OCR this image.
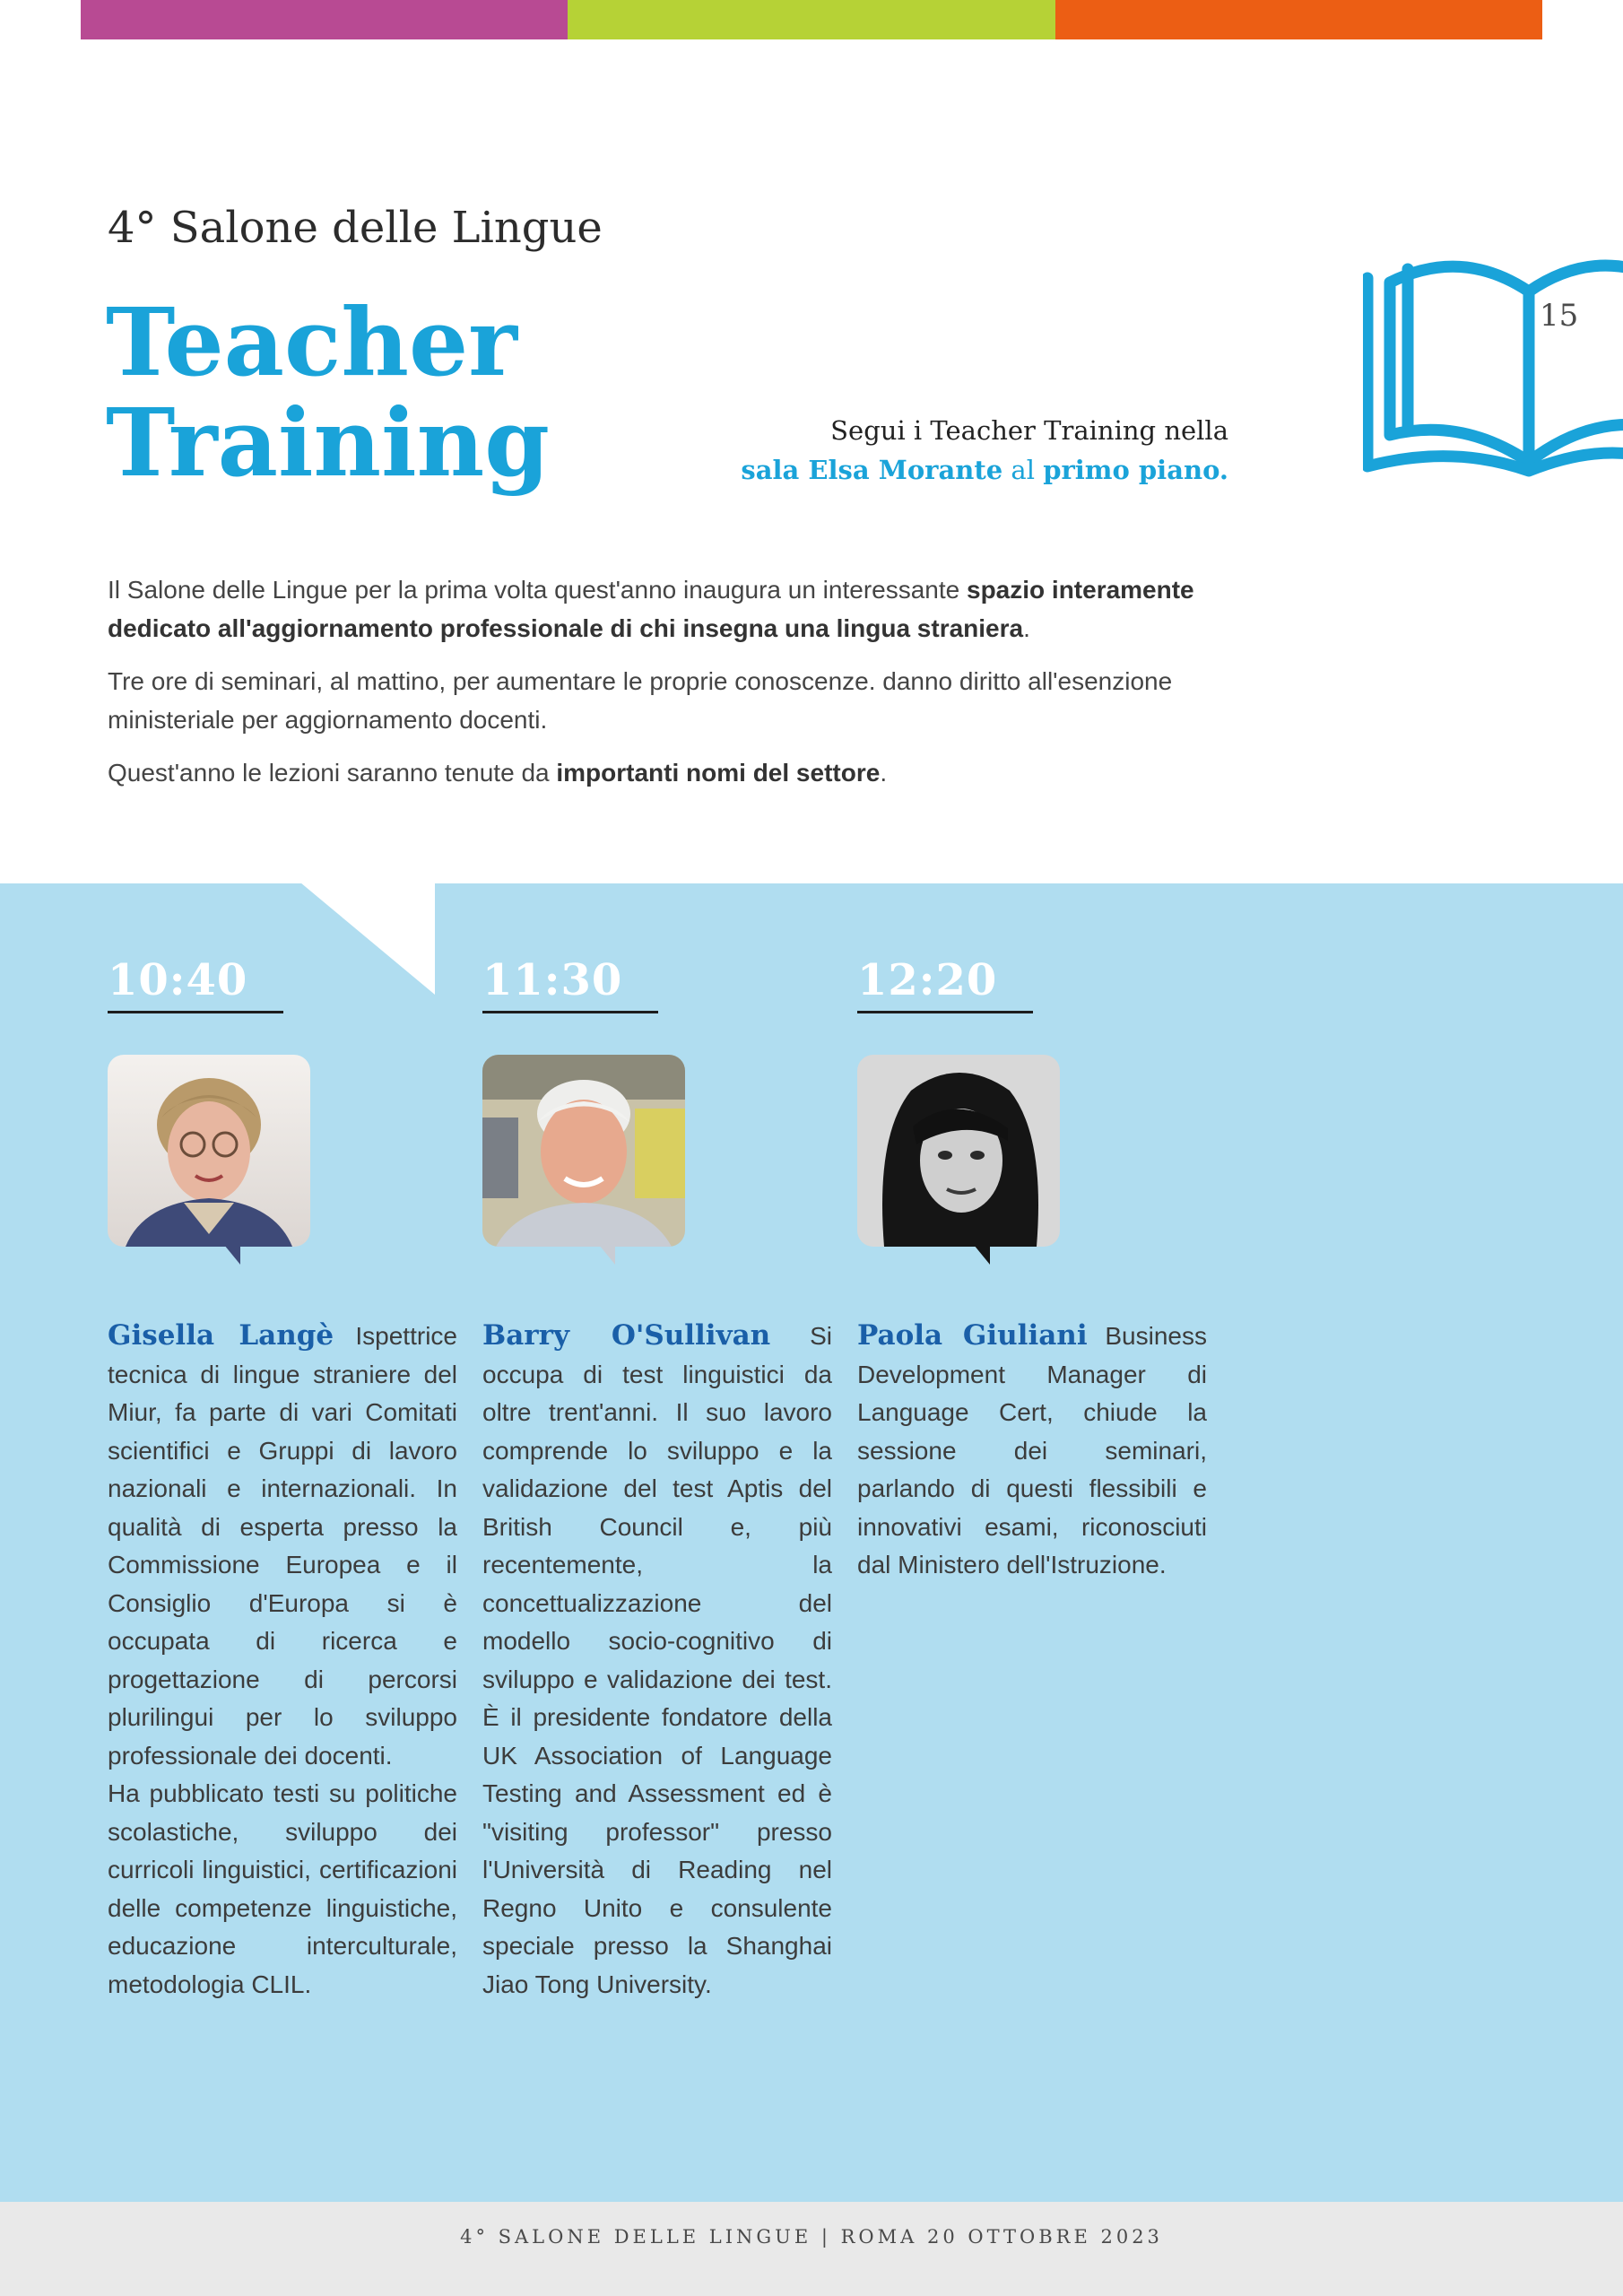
4° Salone delle Lingue
Teacher
Training
15
Segui i Teacher Training nella
sala Elsa Morante al primo piano.

Il Salone delle Lingue per la prima volta quest'anno inaugura un interessante spazio interamente dedicato all'aggiornamento professionale di chi insegna una lingua straniera.

Tre ore di seminari, al mattino, per aumentare le proprie conoscenze. danno diritto all'esenzione ministeriale per aggiornamento docenti.

Quest'anno le lezioni saranno tenute da importanti nomi del settore.

10:40
Gisella Langè Ispettrice tecnica di lingue straniere del Miur, fa parte di vari Comitati scientifici e Gruppi di lavoro nazionali e internazionali. In qualità di esperta presso la Commissione Europea e il Consiglio d'Europa si è occupata di ricerca e progettazione di percorsi plurilingui per lo sviluppo professionale dei docenti.
Ha pubblicato testi su politiche scolastiche, sviluppo dei curricoli linguistici, certificazioni delle competenze linguistiche, educazione interculturale, metodologia CLIL.
11:30
Barry O'Sullivan Si occupa di test linguistici da oltre trent'anni. Il suo lavoro comprende lo sviluppo e la validazione del test Aptis del British Council e, più recentemente, la concettualizzazione del modello socio-cognitivo di sviluppo e validazione dei test. È il presidente fondatore della UK Association of Language Testing and Assessment ed è "visiting professor" presso l'Università di Reading nel Regno Unito e consulente speciale presso la Shanghai Jiao Tong University.
12:20
Paola Giuliani Business Development Manager di Language Cert, chiude la sessione dei seminari, parlando di questi flessibili e innovativi esami, riconosciuti dal Ministero dell'Istruzione.
4° SALONE DELLE LINGUE | ROMA 20 OTTOBRE 2023
